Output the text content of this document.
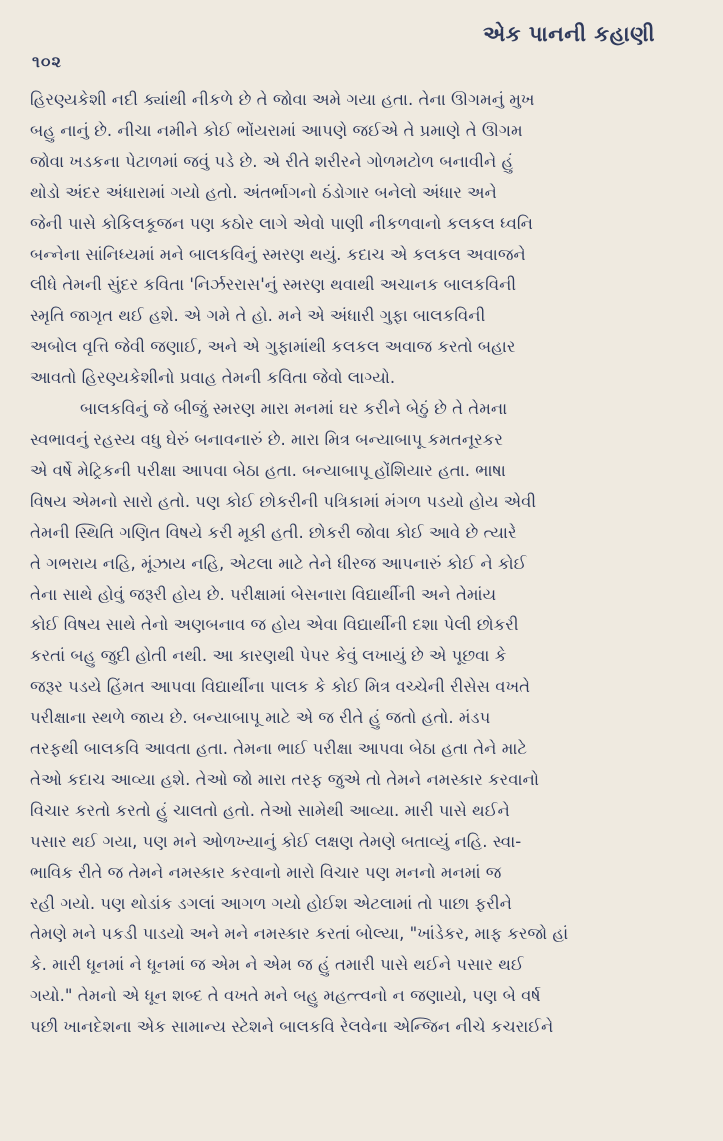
૧૦૨
એક પાનની કહાણી

હિરણ્યકેશી નદી ક્યાંથી નીકળે છે તે જોવા અમે ગયા હતા. તેના ઊગમનું મુખ
બહુ નાનું છે. નીચા નમીને કોઈ ભોંયરામાં આપણે જઈએ તે પ્રમાણે તે ઊગમ
જોવા ખડકના પેટાળમાં જવું પડે છે. એ રીતે શરીરને ગોળમટોળ બનાવીને હું
થોડો અંદર અંધારામાં ગયો હતો. અંતર્ભાગનો ઠંડોગાર બનેલો અંધાર અને
જેની પાસે કોકિલકૂજન પણ કઠોર લાગે એવો પાણી નીકળવાનો કલકલ ધ્વનિ
બન્નેના સાંનિધ્યમાં મને બાલકવિનું સ્મરણ થયું. કદાચ એ કલકલ અવાજને
લીધે તેમની સુંદર કવિતા 'નિર્ઝરરાસ'નું સ્મરણ થવાથી અચાનક બાલકવિની
સ્મૃતિ જાગૃત થઈ હશે. એ ગમે તે હો. મને એ અંધારી ગુફા બાલકવિની
અબોલ વૃત્તિ જેવી જણાઈ, અને એ ગુફામાંથી કલકલ અવાજ કરતો બહાર
આવતો હિરણ્યકેશીનો પ્રવાહ તેમની કવિતા જેવો લાગ્યો.

બાલકવિનું જે બીજું સ્મરણ મારા મનમાં ઘર કરીને બેઠું છે તે તેમના
સ્વભાવનું રહસ્ય વધુ ઘેરું બનાવનારું છે. મારા મિત્ર બન્યાબાપૂ કમતનૂરકર
એ વર્ષે મેટ્રિકની પરીક્ષા આપવા બેઠા હતા. બન્યાબાપૂ હોંશિયાર હતા. ભાષા
વિષય એમનો સારો હતો. પણ કોઈ છોકરીની પત્રિકામાં મંગળ પડયો હોય એવી
તેમની સ્થિતિ ગણિત વિષયે કરી મૂકી હતી. છોકરી જોવા કોઈ આવે છે ત્યારે
તે ગભરાય નહિ, મૂંઝાય નહિ, એટલા માટે તેને ધીરજ આપનારું કોઈ ને કોઈ
તેના સાથે હોવું જરૂરી હોય છે. પરીક્ષામાં બેસનારા વિદ્યાર્થીની અને તેમાંય
કોઈ વિષય સાથે તેનો અણબનાવ જ હોય એવા વિદ્યાર્થીની દશા પેલી છોકરી
કરતાં બહુ જુદી હોતી નથી. આ કારણથી પેપર કેવું લખાયું છે એ પૂછવા કે
જરૂર પડયે હિંમત આપવા વિદ્યાર્થીના પાલક કે કોઈ મિત્ર વચ્ચેની રીસેસ વખતે
પરીક્ષાના સ્થળે જાય છે. બન્યાબાપૂ માટે એ જ રીતે હું જતો હતો. મંડપ
તરફથી બાલકવિ આવતા હતા. તેમના ભાઈ પરીક્ષા આપવા બેઠા હતા તેને માટે
તેઓ કદાચ આવ્યા હશે. તેઓ જો મારા તરફ જુએ તો તેમને નમસ્કાર કરવાનો
વિચાર કરતો કરતો હું ચાલતો હતો. તેઓ સામેથી આવ્યા. મારી પાસે થઈને
પસાર થઈ ગયા, પણ મને ઓળખ્યાનું કોઈ લક્ષણ તેમણે બતાવ્યું નહિ. સ્વા-
ભાવિક રીતે જ તેમને નમસ્કાર કરવાનો મારો વિચાર પણ મનનો મનમાં જ
રહી ગયો. પણ થોડાંક ડગલાં આગળ ગયો હોઈશ એટલામાં તો પાછા ફરીને
તેમણે મને પકડી પાડયો અને મને નમસ્કાર કરતાં બોલ્યા, "ખાંડેકર, માફ કરજો હાં
કે. મારી ધૂનમાં ને ધૂનમાં જ એમ ને એમ જ હું તમારી પાસે થઈને પસાર થઈ
ગયો." તેમનો એ ધૂન શબ્દ તે વખતે મને બહુ મહત્ત્વનો ન જણાયો, પણ બે વર્ષ
પછી ખાનદેશના એક સામાન્ય સ્ટેશને બાલકવિ રેલવેના એન્જિન નીચે કચરાઈને
